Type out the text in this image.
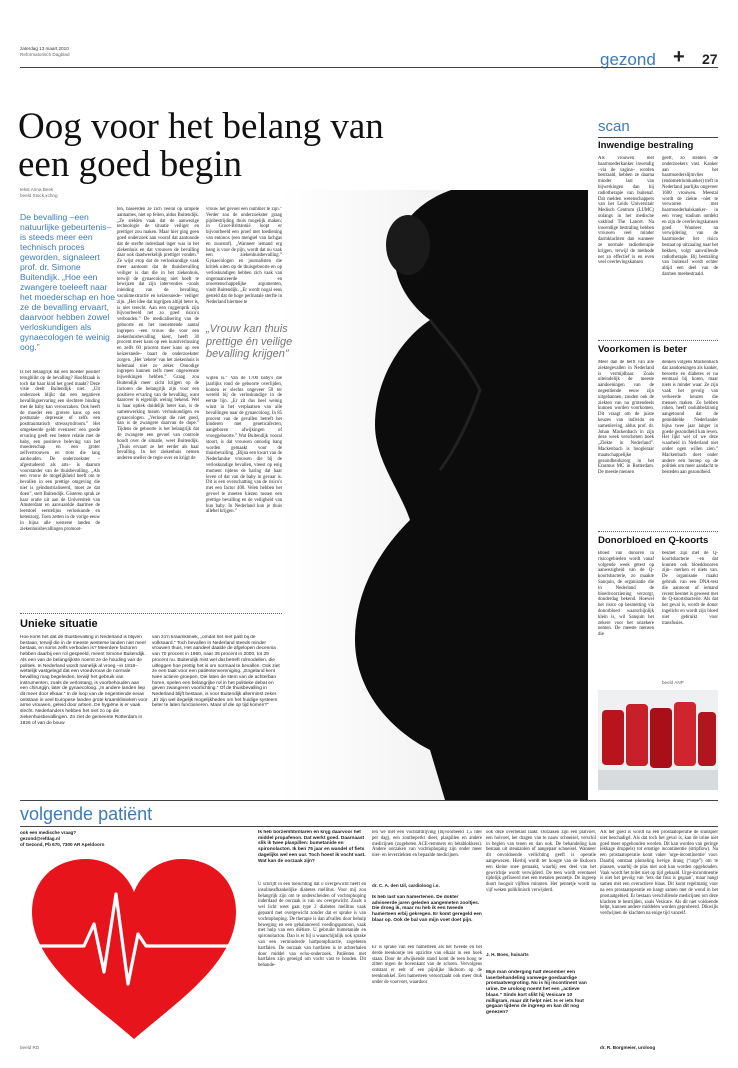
zaterdag 13 maart 2010
Reformatorisch Dagblad	gezond + 27
Oog voor het belang van
een goed begin
tekst Anna Beek
beeld Stock.xchng
De bevalling –een natuurlijke gebeurtenis– is steeds meer een technisch proces geworden, signaleert prof. dr. Simone Buitendijk. „Hoe een zwangere toeleeft naar het moederschap en hoe ze de bevalling ervaart, daarvoor hebben zowel verloskundigen als gynaecologen te weinig oog.”
Is het belangrijk dat een moeder positief terugblikt op de bevalling? Hoofdzaak is toch dat haar kind het goed maakt? Deze visie deelt Buitendijk niet. „Uit onderzoek blijkt dat een negatieve bevallingservaring een slechtere binding met de baby kan veroorzaken. Ook heeft de moeder een grotere kans op een postnatale depressie of zelfs een posttraumatisch stresssyndroom.” Het omgekeerde geldt evenzeer: een goede ervaring geeft een betere relatie met de baby, een positieve beleving van het moederschap en een groter zelfvertrouwen en trots die lang aanhouden. De onderzoekster –afgestudeerd als arts– is daarom voorstander van de thuisbevalling. „Als een vrouw de mogelijkheid heeft om te bevallen in een prettige omgeving die niet is geïndustrialiseerd, moet ze dat doen”, stelt Buitendijk. Gisteren sprak ze haar oratie uit aan de Universiteit van Amsterdam en aanvaardde daarmee de leerstoel eerstelijns verloskunde en ketenzorg. Toen zetten in de vorige eeuw in bijna alle westerse landen de ziekenhuisbevallingen promoot-
ten, baseerden ze zich veelal op simpele aannames, niet op feiten, aldus Buitendijk. „Ze stelden vaak dat de aanwezige technologie de situatie veiliger en prettiger zou maken. Maar hier ging geen goed onderzoek aan vooraf dat aantoonde dat de sterfte inderdaad lager was in het ziekenhuis en dat vrouwen de bevalling daar ook daadwerkelijk prettiger vonden.” Ze wijst erop dat de verloskundige vaak meer aantoont dat de thuisbevalling veiliger is dan die in het ziekenhuis, terwijl de gynaecoloog niet hoeft te bewijzen dat zijn interventies –zoals inleiding van de bevalling, vacuümextractie en keizersnede– veiliger zijn. „Het idee dat ingrijpen altijd beter is, is niet terecht. Aan een ruggenprik zijn bijvoorbeeld net zo goed risico's verbonden.” De medicalisering van de geboorte en het toenemende aantal ingrepen –een vrouw die voor een ziekenhuisbevalling kiest, heeft 30 procent meer kans op een kunstverlossing en zelfs 60 procent meer kans op een keizersnede– baart de onderzoekster zorgen. „Het 'zekere' van het ziekenhuis is helemaal niet zo zeker. Onnodige ingrepen kunnen zelfs meer ongewenste bijwerkingen hebben.” Graag zou Buitendijk meer zicht krijgen op de factoren die belangrijk zijn voor een positieve ervaring van de bevalling, want daarover is eigenlijk weinig bekend. Wel is haar optiek duidelijk beter kan, is de samenwerking tussen verloskundigen en gynaecologen. „Verloopt die niet goed, dan is de zwangere daarvan de dupe.” Tijdens de geboorte is het belangrijk dat de zwangere een gevoel van controle houdt over de situatie, weet Buitendijk. „Thuis ervaart ze het eerder als haar bevalling. In het ziekenhuis nemen anderen sneller de regie over en krijgt de
vrouw het gevoel een nummer te zijn.” Verder zou de onderzoekster graag pijnbestrijding thuis mogelijk maken; in Groot-Brittannië loopt er bijvoorbeeld een proef met toediening van entonox (een mengsel van lachgas en zuurstof). „Wanneer iemand erg bang is voor de pijn, wordt dat nu vaak een ziekenhuisbevalling.” Gynaecologen en journalisten die kritiek uiten op de thuisgeboorte en op verloskundigen hebben zich vaak van ongenuanceerde en onwetenschappelijke argumenten, vindt Buitendijk. „Er wordt nogal eens gesteld dat de hoge perinatale sterfte in Nederland hiermee te
„Vrouw kan thuis prettige én veilige bevalling krijgen”
wijten is.” Van de 1700 baby's die jaarlijks rond de geboorte overlijden, komen er slechts ongeveer 50 ter wereld bij de verloskundige in de eerste lijn. „Er zit dus heel weinig winst in het verplaatsen van alle bevallingen naar de gynaecoloog. In 85 procent van de gevallen betreft het kinderen met geneticafecten, aangeboren afwijkingen of vroeggeboorte.” Wat Buitendijk vooral stoort, is dat vrouwen onnodig bang worden gemaakt voor de thuisbevalling. „Bijna een kwart van de Nederlandse vrouwen die bij de verloskundige bevallen, vreest op enig moment tijdens de baring dat haar leven of dat van de baby in gevaar is. Dit is een overschatting van de risico's met een factor 400. Velen hebben het gevoel te moeten kiezen tussen een prettige bevalling en de veiligheid van hun baby. In Nederland kun je thuis allebei krijgen.”
Unieke situatie
Hoe komt het dat de thuisbevalling in Nederland is blijven bestaan, terwijl die in de meeste westerse landen niet meer bestaat, en soms zelfs verboden is? Meerdere factoren hebben daarbij een rol gespeeld, meent Simone Buitendijk. Als een van de belangrijkste noemt ze de houding van de politiek. In Nederland wordt namelijk al vroeg –in 1818– wettelijk vastgelegd dat een vroedvrouw de normale bevalling mag begeleiden, terwijl het gebruik van instrumenten, zoals de verlostang, is voorbehouden aan een chirurgijn, later de gynaecoloog. „In andere landen liep dit meer door elkaar.” In de loop van de negentiende eeuw ontstaan in veel Europese landen grote kraamklinieken voor arme vrouwen, geleid door artsen. De hygiëne is er vaak slecht. Nederlanders hebben het niet zo op die ziekenhuisbevallingen. Zo ziet de gemeente Rotterdam in 1826 of van de bouw
van zo'n kraamkliniek, „omdat het niet past bij de volksaard.” Toch bevallen in Nederland steeds minder vrouwen thuis. Het aandeel daalde de afgelopen decennia van 70 procent in 1960, naar 35 procent in 2000, tot 29 procent nu. Buitendijk mist wel dat betreft rolmodellen, die uitleggen hoe prettig het is om normaal te bevallen. Ook ziet ze een taak voor een patiëntenvereniging. „Engeland kent twee actieve groepen. Die laten de stem van de achterban horen, spelen een belangrijke rol in het politieke debat en geven zwangeren voorlichting.” Of de thuisbevalling in Nederland blijft bestaan, is voor Buitendijk allerminst zeker. „Er zijn wel degelijk mogelijkheden om het huidige systeem beter te laten functioneren. Maar of die op tijd komen?”
scan
Inwendige bestraling
Als vrouwen met baarmoederkanker inwendig –via de vagina– worden bestraald, hebben ze daarna minder last van bijwerkingen dan bij radiotherapie van buitenaf. Dat melden wetenschappers van het Leids Universitair Medisch Centrum (LUMC) onlangs in het medische vakblad The Lancet. Na inwendige bestraling hebben vrouwen veel minder darmklachten dan wanneer ze normale radiotherapie krijgen, terwijl de methode net zo effectief is en even veel overlevingskansen
geeft, zo stelden de onderzoekers vast. Kanker aan het baarmoederslijmvlies (endometriumkanker) treft in Nederland jaarlijks ongeveer 1600 vrouwen. Meestal wordt de ziekte –niet te verwarren met baarmoederhalskanker– in een vroeg stadium ontdekt en zijn de overlevingskansen goed. Wanneer na verwijdering van de baarmoeder het risico bestaat op uitzaaiing naar het bekken, volgt aanvullende radiotherapie. Bij bestraling van buitenaf wordt echter altijd een deel van de darmen meebestraald.
Voorkomen is beter
Meer dan de helft van alle ziektegevallen in Nederland is vermijdbaar. Zoals uiteindelijk de meeste aandoeningen van de negentiende eeuw zijn uitgebannen, zouden ook de ziekten van nu grotendeels kunnen worden voorkomen. Dit vraagt om de juiste keuzes van individu en samenleving, aldus prof. dr. Johan Mackenbach in zijn deze week verschenen boek „Ziekte in Nederland”. Mackenbach is hoogleraar maatschappelijke gezondheidszorg in het Erasmus MC in Rotterdam. De meeste mensen
denken volgens Mackenbach dat aandoeningen als kanker, beroerte en diabetes er nu eenmaal bij horen, maar niets is minder waar. Ze zijn vaak het gevolg van verkeerde keuzes die mensen maken. Zo hebben roken, heeft ondubbelzinnig aangetoond dat de gemiddelde Nederlander bijna twee jaar langer in goede gezondheid kan leven. Het lijkt wel of we deze waarheid in Nederland niet onder ogen willen zien.” Mackenbach doet onder andere een beroep op de politiek om meer aandacht te besteden aan gezondheid.
Donorbloed en Q-koorts
Bloed van donoren in risicogebieden wordt vanaf volgende week getest op aanwezigheid van de Q-koortsbacterie, zo maakte Sanquin, de organisatie die in Nederland de bloedvoorziening verzorgt, donderdag bekend. Hoewel het risico op besmetting via donorbloed waarschijnlijk klein is, wil Sanquin het zekere voor het onzekere nemen. De meeste mensen die
besmet zijn met de Q-koortsbacterie –en dat kunnen ook bloeddonoren zijn– merken er niets van. De organisatie maakt gebruik van een DNA-test die aantoont of iemand recent besmet is geweest met de Q-koortsbacterie. Als dat het geval is, wordt de donor ingelicht en wordt zijn bloed niet gebruikt voor transfusies.
beeld ANP
volgende patiënt
ook een medische vraag?
gezond@refdag.nl
of Gezond, Pb 670, 7300 AR Apeldoorn
beeld RD
Ik heb borzemfibrillaren en krijg daarvoor het middel propafenon. Dat werkt goed. Daarnaast slik ik twee plaspillen: bumetanide en spironolacton. Ik ben 75 jaar en wandel of fiets dagelijks wel een uur. Toch hoest ik vocht vast. Wat kan de oorzaak zijn?
U schrijft in een toelichting dat u overgewicht heeft en insulineafhankelijke diabetes mellitus. Voor mij zou belangrijk zijn om te onderscheiden of vochtophoping inderdaad de oorzaak is van uw overgewicht. Zoals u wel licht weet gaat type 2 diabetes mellitus vaak gepaard met overgewicht zonder dat er sprake is van vochtophoping. De therapie is dan afvallen door behulp beweging en een gebalanceerd voedingspatroon, vaak met hulp van een diëtiste. U gebruikt bumetanide en spironolacton. Dan is er bij u waarschijnlijk ook sprake van een verminderde hartpompfunctie, zogeheten hartfalen. De oorzaak van hartfalen is te achterhalen door middel van echo-onderzoek. Patiënten met hartfalen zijn geneigd om vocht vast te houden. Dit behande-
len we met een vochtafdrijving (bijvoorbeeld 1,5 liter per dag), een zoutbeperkt dieet, plaspillen en andere medicijnen (zogeheten ACE-remmers en bètablokkers). Andere oorzaken van vochtophoping zijn onder meer nier- en leverziekten en bepaalde medicijnen.
dr. C. A. den Uil, cardioloog i.o.
Ik heb last van hamertenen. De dokter adviseerde jaren geleden aangemeten zooltjes. Die droeg ik, maar nu heb ik een tweede hamerteen erbij gekregen. Er komt geregeld een blaar op. Ook de bal van mijn voet doet pijn.
Er is sprake van een hamerteen als het tweede en het derde teenkootje ten opzichte van elkaar in een hoek staan. Door de afwijkende stand komt de teen hoog te zitten tegen de bovenkant van de schoen. Vervolgens ontstaat er eelt of een pijnlijke likdoorn op de teenknokkel. Een hamerteen veroorzaakt ook meer druk onder de voorvoet, waardoor
ook deze overbelast raakt. Oorzaken zijn een platvoet, een holvoet, het dragen van te nauw schoeisel, verschil in beglen van tenen en dan ook. De behandeling kan bestaan uit steunzolen of aangepast schoeisel. Wanneer dit onvoldoende verlichting geeft is operatie aangewezen. Hierbij wordt ter hoogte van de likdoorn een kleine snee gemaakt, waarbij een deel van het gewrichtje wordt verwijderd. De teen wordt eventueel tijdelijk gefixeerd met een metalen pennetje. De ingreep duurt hooguit vijftien minuten. Het pennetje wordt na vijf weken poliklinisch verwijderd.
J. H. Boes, huisarts
Mijn man onderging half december een laserbehandeling vanwege goedaardige prostaatvergroting. Nu is hij incontinent van urine. De uroloog noemt het een „actieve blaas.” Sinds kort slikt hij Vesicare 10 milligram, maar dit helpt niet. Is er iets fout gegaan tijdens de ingreep en kan dit nog genezen?
Als het goed is wordt na een prostaatoperatie de sluitspier niet beschadigd. Als dat toch het geval is, kan de urine niet goed meer opgehouden worden. Dit kan worden van geringe lekkage druppels) tot ernstige incontinentie (stripflow). Na een prostaatoperatie komt vaker 'urge-incontinentie' voor. Daarbij ontstaat plotseling hevige drang (“urge”) om te plassen, waarbij de plas niet ooit kan worden opgehouden. Vaak wordt het toilet niet op tijd gehaald. Urge-incontinentie is niet het gevolg van ‘iets dat fout is gegaan’, maar hangt samen met een overactieve blaas. Dit komt regelmatig voor na een prostaatoperatie en hangt samen met de wond in het prostaatgebied. Er bestaan verschillende medicijnen om deze klachten te bestrijden, zoals Vesicare. Als dit niet voldoende helpt, kunnen andere middelen worden geprobeerd. Dikwijls verdwijnen de klachten na enige tijd vanzelf.
dr. R. Borgmeier, uroloog
